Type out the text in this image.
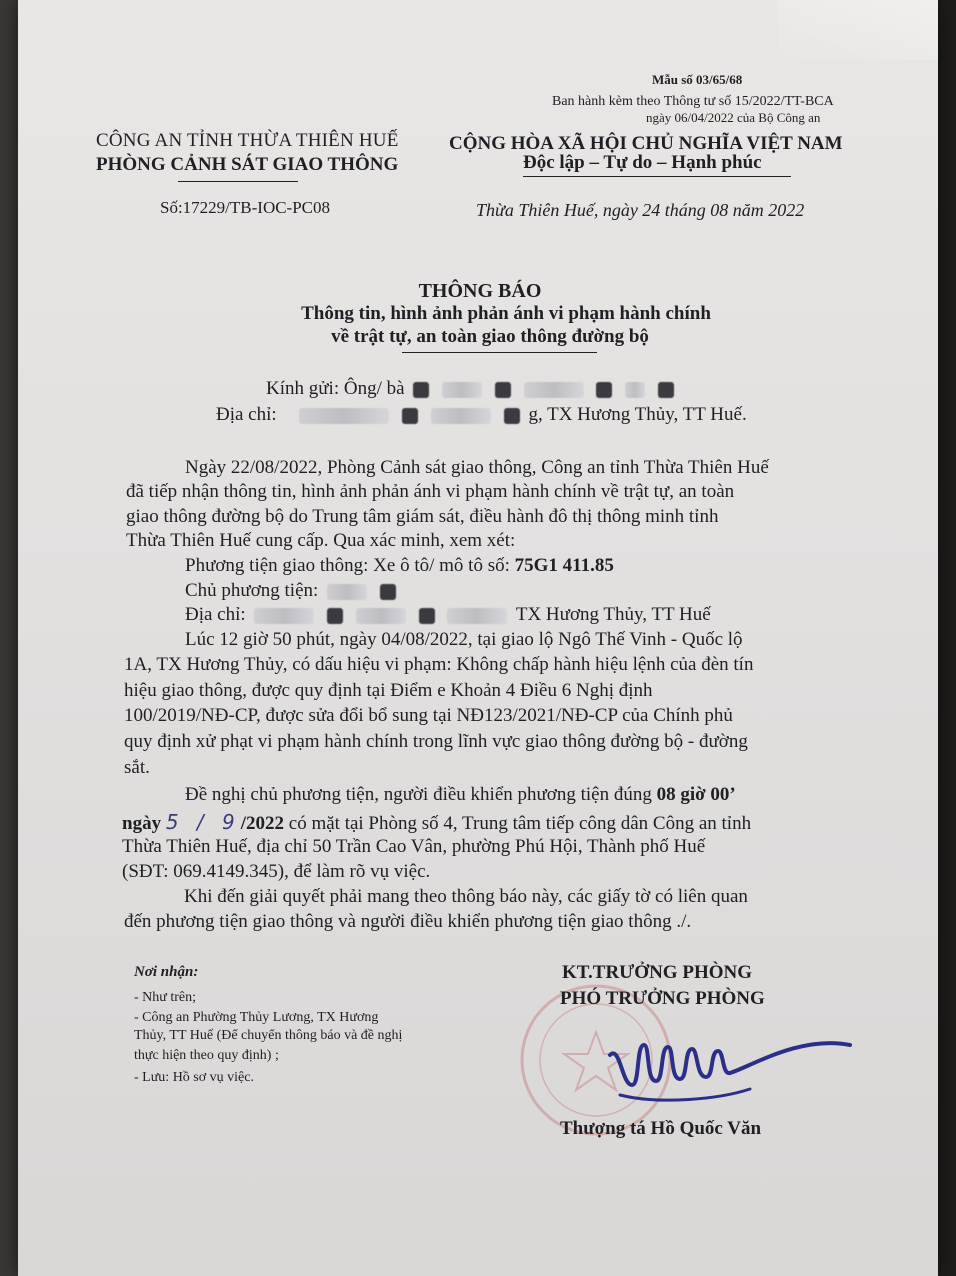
Mẫu số 03/65/68
Ban hành kèm theo Thông tư số 15/2022/TT-BCA
ngày 06/04/2022 của Bộ Công an
CÔNG AN TỈNH THỪA THIÊN HUẾ
PHÒNG CẢNH SÁT GIAO THÔNG
Số:17229/TB-IOC-PC08
CỘNG HÒA XÃ HỘI CHỦ NGHĨA VIỆT NAM
Độc lập – Tự do – Hạnh phúc
Thừa Thiên Huế, ngày 24 tháng 08 năm 2022
THÔNG BÁO
Thông tin, hình ảnh phản ánh vi phạm hành chính
về trật tự, an toàn giao thông đường bộ
Kính gửi: Ông/ bà
Địa chỉ:	g, TX Hương Thủy, TT Huế.
Ngày 22/08/2022, Phòng Cảnh sát giao thông, Công an tỉnh Thừa Thiên Huế
đã tiếp nhận thông tin, hình ảnh phản ánh vi phạm hành chính về trật tự, an toàn
giao thông đường bộ do Trung tâm giám sát, điều hành đô thị thông minh tỉnh
Thừa Thiên Huế cung cấp. Qua xác minh, xem xét:
Phương tiện giao thông: Xe ô tô/ mô tô số: 75G1 411.85
Chủ phương tiện:
Địa chỉ:	TX Hương Thủy, TT Huế
Lúc 12 giờ 50 phút, ngày 04/08/2022, tại giao lộ Ngô Thế Vinh - Quốc lộ
1A, TX Hương Thủy, có dấu hiệu vi phạm: Không chấp hành hiệu lệnh của đèn tín
hiệu giao thông, được quy định tại Điểm e Khoản 4 Điều 6 Nghị định
100/2019/NĐ-CP, được sửa đổi bổ sung tại NĐ123/2021/NĐ-CP của Chính phủ
quy định xử phạt vi phạm hành chính trong lĩnh vực giao thông đường bộ - đường
sắt.
Đề nghị chủ phương tiện, người điều khiển phương tiện đúng 08 giờ 00’
ngày 5 / 9/2022 có mặt tại Phòng số 4, Trung tâm tiếp công dân Công an tỉnh
Thừa Thiên Huế, địa chỉ 50 Trần Cao Vân, phường Phú Hội, Thành phố Huế
(SĐT: 069.4149.345), để làm rõ vụ việc.
Khi đến giải quyết phải mang theo thông báo này, các giấy tờ có liên quan
đến phương tiện giao thông và người điều khiển phương tiện giao thông ./.
Nơi nhận:
- Như trên;
- Công an Phường Thủy Lương, TX Hương
Thủy, TT Huế (Để chuyển thông báo và đề nghị
thực hiện theo quy định) ;
- Lưu: Hồ sơ vụ việc.
KT.TRƯỞNG PHÒNG
PHÓ TRƯỞNG PHÒNG
Thượng tá Hồ Quốc Văn
